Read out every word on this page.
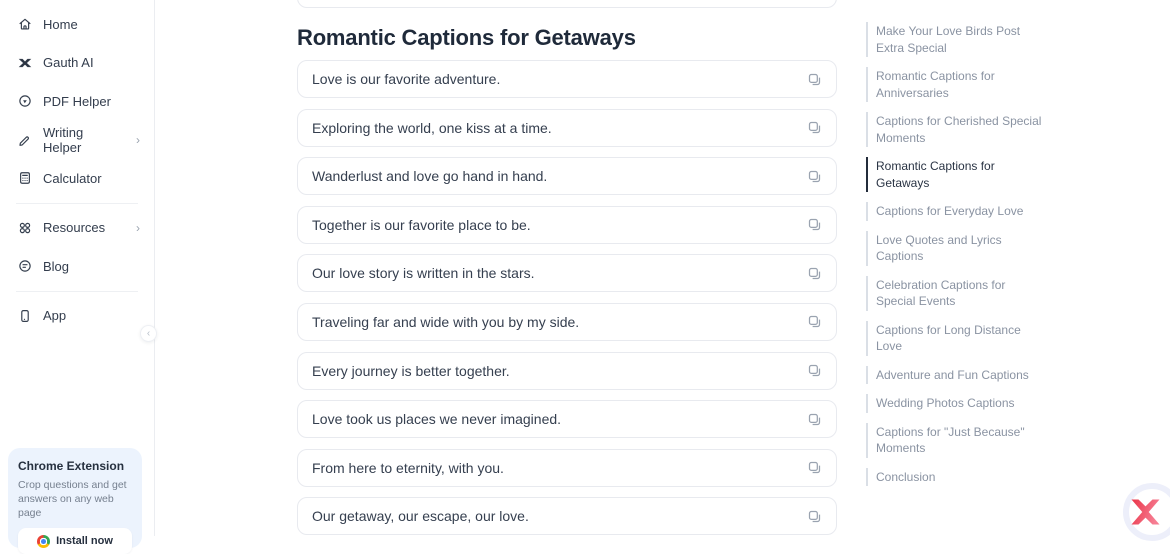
Home
Gauth AI
PDF Helper
Writing Helper	›
Calculator
Resources	›
Blog
App
‹
Chrome Extension
Crop questions and get answers on any web page
Install now
Romantic Captions for Getaways
Love is our favorite adventure.
Exploring the world, one kiss at a time.
Wanderlust and love go hand in hand.
Together is our favorite place to be.
Our love story is written in the stars.
Traveling far and wide with you by my side.
Every journey is better together.
Love took us places we never imagined.
From here to eternity, with you.
Our getaway, our escape, our love.
Make Your Love Birds Post Extra Special
Romantic Captions for Anniversaries
Captions for Cherished Special Moments
Romantic Captions for Getaways
Captions for Everyday Love
Love Quotes and Lyrics Captions
Celebration Captions for Special Events
Captions for Long Distance Love
Adventure and Fun Captions
Wedding Photos Captions
Captions for "Just Because" Moments
Conclusion
